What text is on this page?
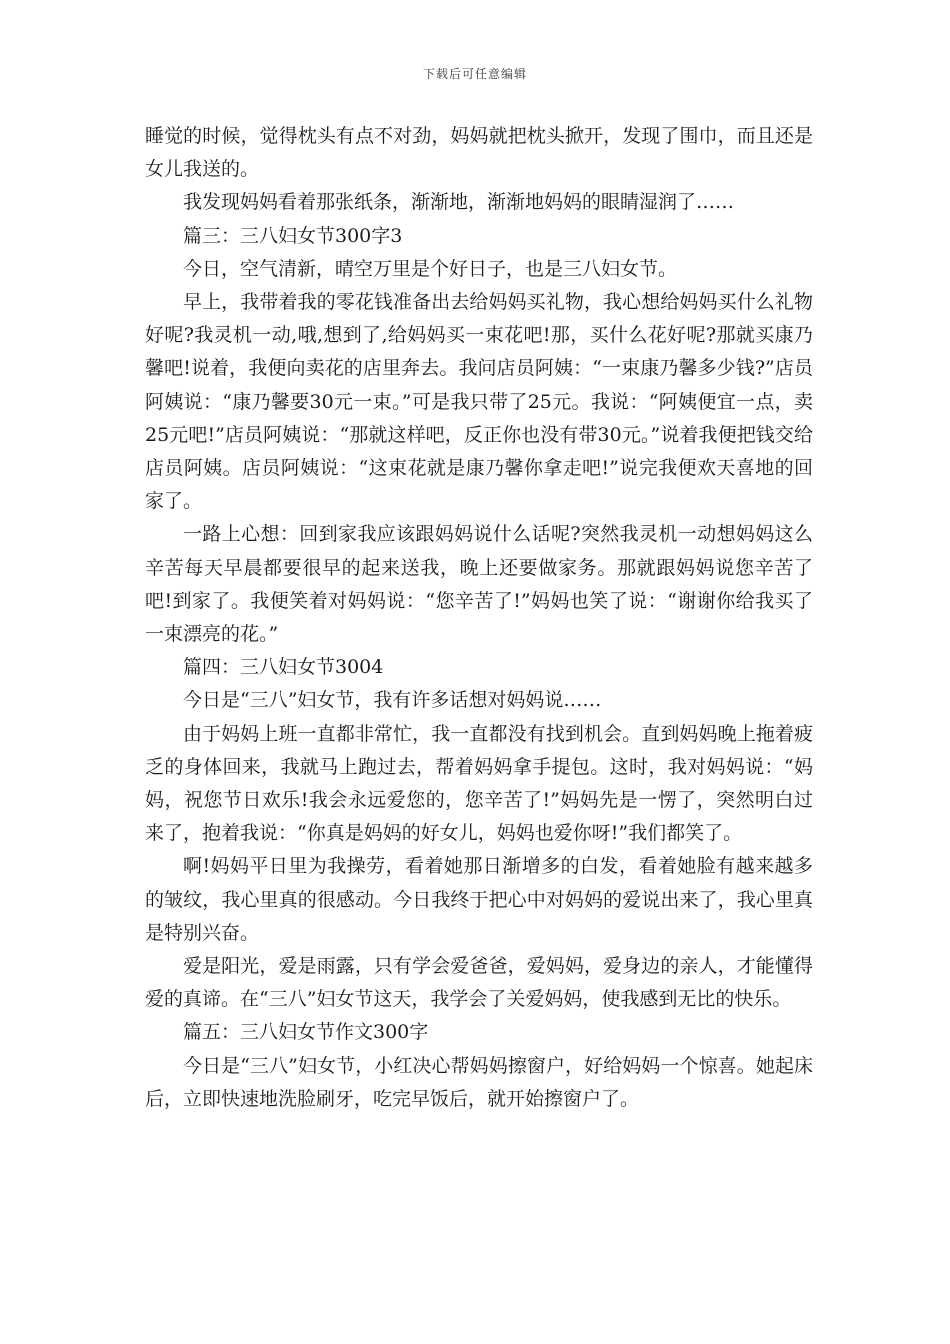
下载后可任意编辑

睡觉的时候，觉得枕头有点不对劲，妈妈就把枕头掀开，发现了围巾，而且还是女儿我送的。

我发现妈妈看着那张纸条，渐渐地，渐渐地妈妈的眼睛湿润了……

篇三：三八妇女节300字3

今日，空气清新，晴空万里是个好日子，也是三八妇女节。

早上，我带着我的零花钱准备出去给妈妈买礼物，我心想给妈妈买什么礼物好呢?我灵机一动,哦,想到了,给妈妈买一束花吧!那，买什么花好呢?那就买康乃馨吧!说着，我便向卖花的店里奔去。我问店员阿姨：“一束康乃馨多少钱?”店员阿姨说：“康乃馨要30元一束。”可是我只带了25元。我说：“阿姨便宜一点，卖25元吧!”店员阿姨说：“那就这样吧，反正你也没有带30元。”说着我便把钱交给店员阿姨。店员阿姨说：“这束花就是康乃馨你拿走吧!”说完我便欢天喜地的回家了。

一路上心想：回到家我应该跟妈妈说什么话呢?突然我灵机一动想妈妈这么辛苦每天早晨都要很早的起来送我，晚上还要做家务。那就跟妈妈说您辛苦了吧!到家了。我便笑着对妈妈说：“您辛苦了!”妈妈也笑了说：“谢谢你给我买了一束漂亮的花。”

篇四：三八妇女节3004

今日是“三八”妇女节，我有许多话想对妈妈说……

由于妈妈上班一直都非常忙，我一直都没有找到机会。直到妈妈晚上拖着疲乏的身体回来，我就马上跑过去，帮着妈妈拿手提包。这时，我对妈妈说：“妈妈，祝您节日欢乐!我会永远爱您的，您辛苦了!”妈妈先是一愣了，突然明白过来了，抱着我说：“你真是妈妈的好女儿，妈妈也爱你呀!”我们都笑了。

啊!妈妈平日里为我操劳，看着她那日渐增多的白发，看着她脸有越来越多的皱纹，我心里真的很感动。今日我终于把心中对妈妈的爱说出来了，我心里真是特别兴奋。

爱是阳光，爱是雨露，只有学会爱爸爸，爱妈妈，爱身边的亲人，才能懂得爱的真谛。在“三八”妇女节这天，我学会了关爱妈妈，使我感到无比的快乐。

篇五：三八妇女节作文300字

今日是“三八”妇女节，小红决心帮妈妈擦窗户，好给妈妈一个惊喜。她起床后，立即快速地洗脸刷牙，吃完早饭后，就开始擦窗户了。
